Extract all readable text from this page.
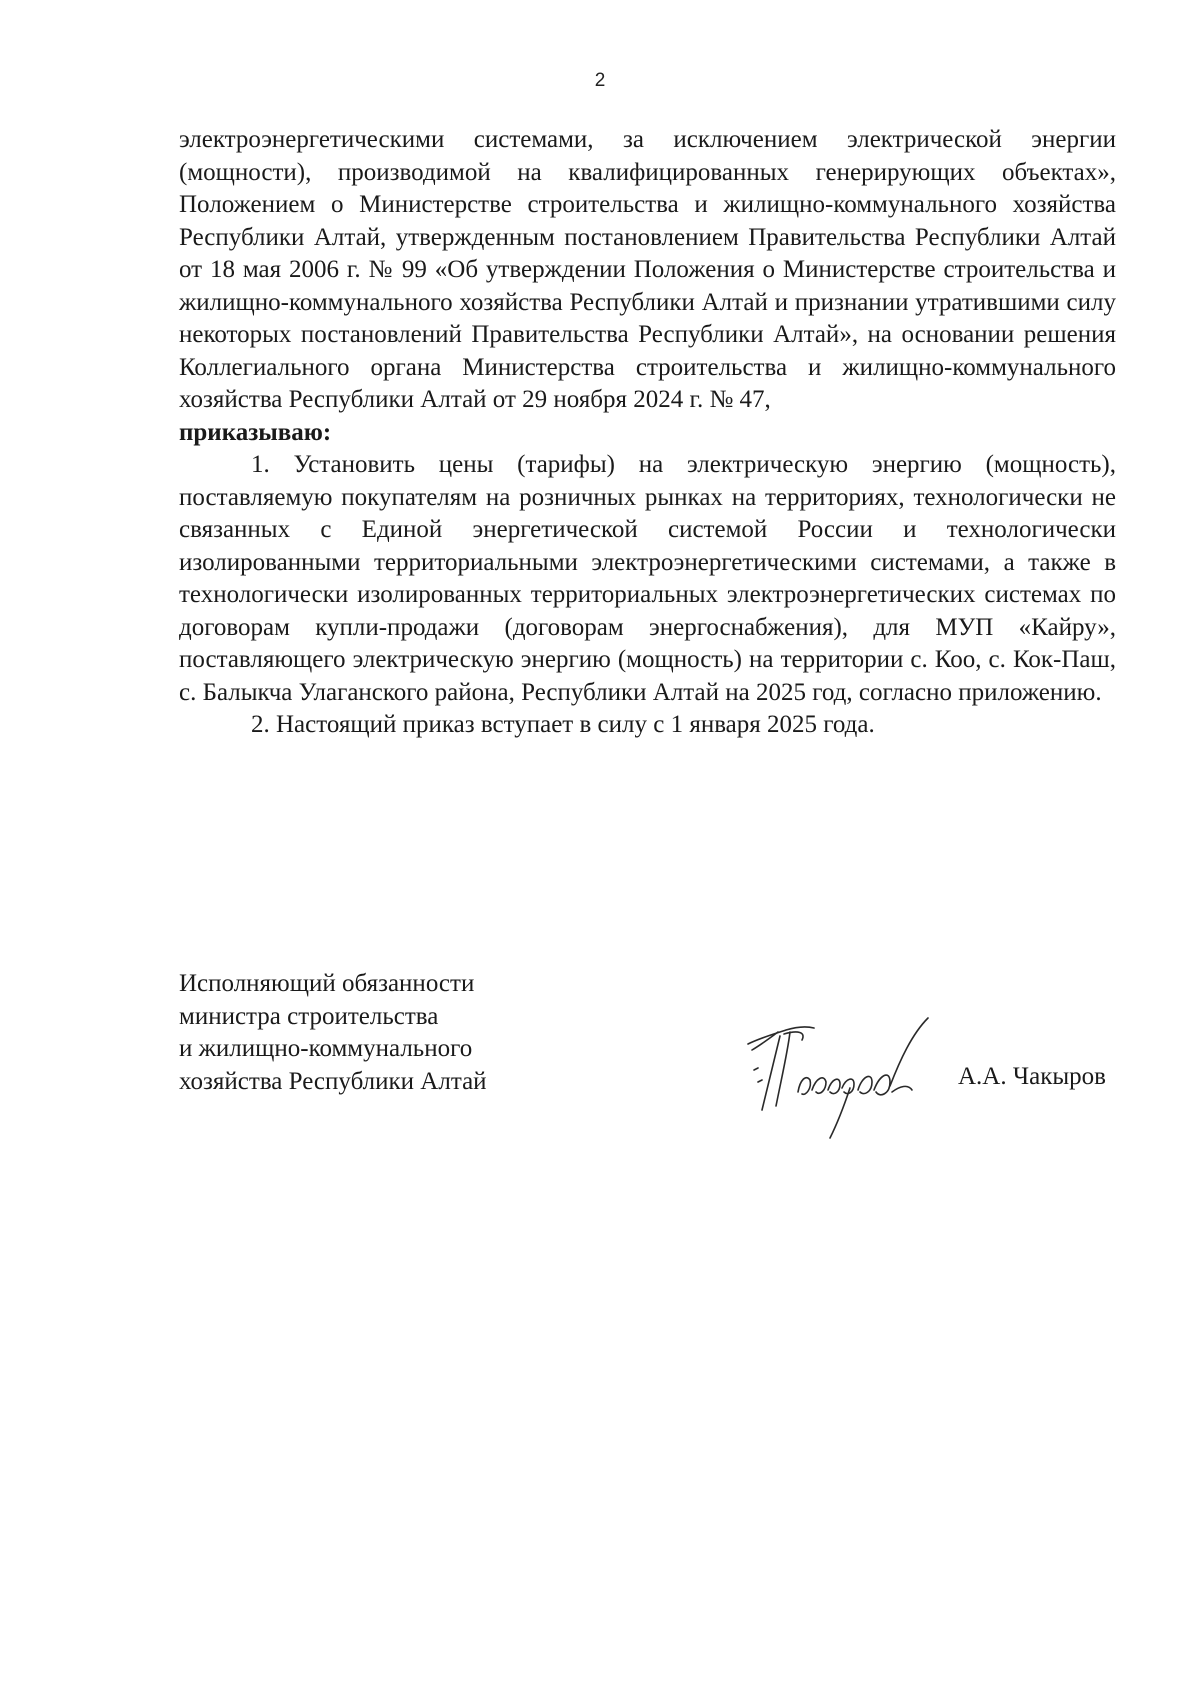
2

электроэнергетическими системами, за исключением электрической энергии (мощности), производимой на квалифицированных генерирующих объектах», Положением о Министерстве строительства и жилищно-коммунального хозяйства Республики Алтай, утвержденным постановлением Правительства Республики Алтай от 18 мая 2006 г. № 99 «Об утверждении Положения о Министерстве строительства и жилищно-коммунального хозяйства Республики Алтай и признании утратившими силу некоторых постановлений Правительства Республики Алтай», на основании решения Коллегиального органа Министерства строительства и жилищно-коммунального хозяйства Республики Алтай от 29 ноября 2024 г. № 47,

приказываю:

1. Установить цены (тарифы) на электрическую энергию (мощность), поставляемую покупателям на розничных рынках на территориях, технологически не связанных с Единой энергетической системой России и технологически изолированными территориальными электроэнергетическими системами, а также в технологически изолированных территориальных электроэнергетических системах по договорам купли-продажи (договорам энергоснабжения), для МУП «Кайру», поставляющего электрическую энергию (мощность) на территории с. Коо, с. Кок-Паш, с. Балыкча Улаганского района, Республики Алтай на 2025 год, согласно приложению.

2. Настоящий приказ вступает в силу с 1 января 2025 года.

Исполняющий обязанности
министра строительства
и жилищно-коммунального
хозяйства Республики Алтай	А.А. Чакыров
